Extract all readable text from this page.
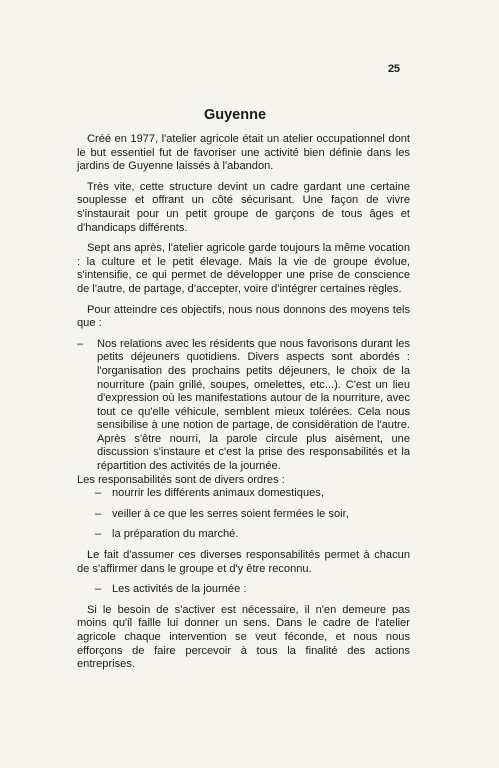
25
Guyenne

Créé en 1977, l'atelier agricole était un atelier occupationnel dont le but essentiel fut de favoriser une activité bien définie dans les jardins de Guyenne laissés à l'abandon.

Très vite, cette structure devint un cadre gardant une certaine souplesse et offrant un côté sécurisant. Une façon de vivre s'instaurait pour un petit groupe de garçons de tous âges et d'handicaps différents.

Sept ans après, l'atelier agricole garde toujours la même vocation : la culture et le petit élevage. Mais la vie de groupe évolue, s'intensifie, ce qui permet de développer une prise de conscience de l'autre, de partage, d'accepter, voire d'intégrer certaines règles.

Pour atteindre ces objectifs, nous nous donnons des moyens tels que :

– Nos relations avec les résidents que nous favorisons durant les petits déjeuners quotidiens. Divers aspects sont abordés : l'organisation des prochains petits déjeuners, le choix de la nourriture (pain grillé, soupes, omelettes, etc...). C'est un lieu d'expression où les manifestations autour de la nourriture, avec tout ce qu'elle véhicule, semblent mieux tolérées. Cela nous sensibilise à une notion de partage, de considération de l'autre. Après s'être nourri, la parole circule plus aisément, une discussion s'instaure et c'est la prise des responsabilités et la répartition des activités de la journée.

Les responsabilités sont de divers ordres :

– nourrir les différents animaux domestiques,
– veiller à ce que les serres soient fermées le soir,
– la préparation du marché.

Le fait d'assumer ces diverses responsabilités permet à chacun de s'affirmer dans le groupe et d'y être reconnu.

– Les activités de la journée :

Si le besoin de s'activer est nécessaire, il n'en demeure pas moins qu'il faille lui donner un sens. Dans le cadre de l'atelier agricole chaque intervention se veut féconde, et nous nous efforçons de faire percevoir à tous la finalité des actions entreprises.
